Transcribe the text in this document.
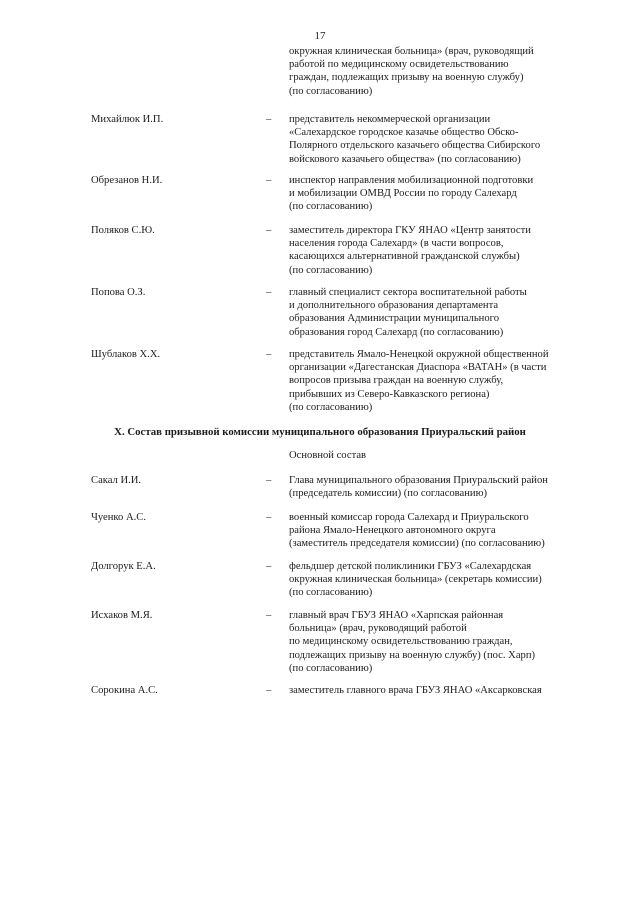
17
окружная клиническая больница» (врач, руководящий
работой по медицинскому освидетельствованию
граждан, подлежащих призыву на военную службу)
(по согласованию)
Михайлюк И.П.	– представитель некоммерческой организации
«Салехардское городское казачье общество Обско-
Полярного отдельского казачьего общества Сибирского
войскового казачьего общества» (по согласованию)
Обрезанов Н.И.	– инспектор направления мобилизационной подготовки
и мобилизации ОМВД России по городу Салехард
(по согласованию)
Поляков С.Ю.	– заместитель директора ГКУ ЯНАО «Центр занятости
населения города Салехард» (в части вопросов,
касающихся альтернативной гражданской службы)
(по согласованию)
Попова О.З.	– главный специалист сектора воспитательной работы
и дополнительного образования департамента
образования Администрации муниципального
образования город Салехард (по согласованию)
Шублаков Х.Х.	– представитель Ямало-Ненецкой окружной общественной
организации «Дагестанская Диаспора «ВАТАН» (в части
вопросов призыва граждан на военную службу,
прибывших из Северо-Кавказского региона)
(по согласованию)
X. Состав призывной комиссии муниципального образования Приуральский район
Основной состав
Сакал И.И.	– Глава муниципального образования Приуральский район
(председатель комиссии) (по согласованию)
Чуенко А.С.	– военный комиссар города Салехард и Приуральского
района Ямало-Ненецкого автономного округа
(заместитель председателя комиссии) (по согласованию)
Долгорук Е.А.	– фельдшер детской поликлиники ГБУЗ «Салехардская
окружная клиническая больница» (секретарь комиссии)
(по согласованию)
Исхаков М.Я.	– главный врач ГБУЗ ЯНАО «Харпская районная
больница» (врач, руководящий работой
по медицинскому освидетельствованию граждан,
подлежащих призыву на военную службу) (пос. Харп)
(по согласованию)
Сорокина А.С.	– заместитель главного врача ГБУЗ ЯНАО «Аксарковская
